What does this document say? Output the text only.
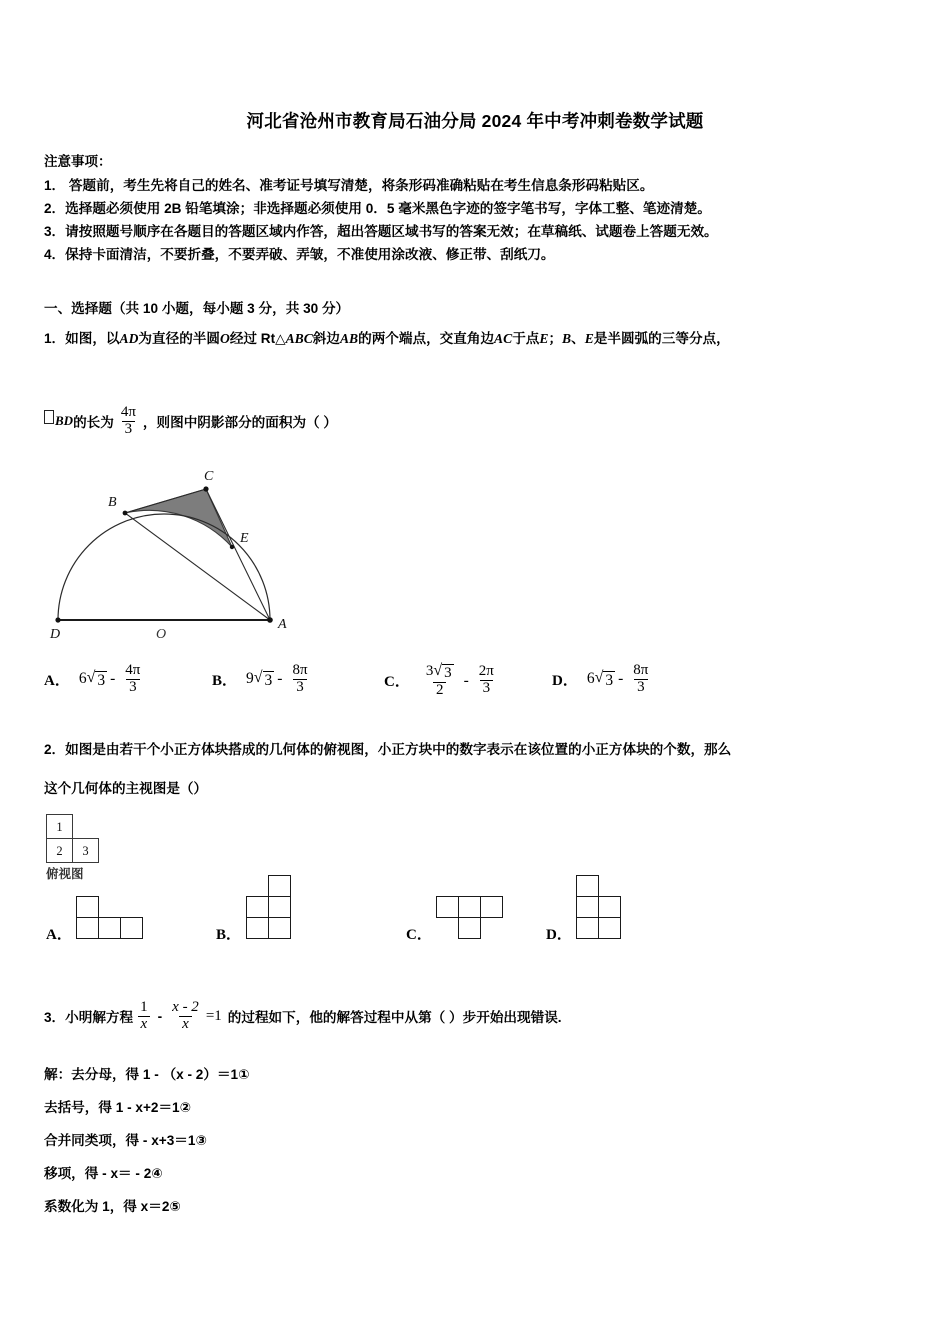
河北省沧州市教育局石油分局 2024 年中考冲刺卷数学试题
注意事项：
1． 答题前，考生先将自己的姓名、准考证号填写清楚，将条形码准确粘贴在考生信息条形码粘贴区。
2．选择题必须使用 2B 铅笔填涂；非选择题必须使用 0．5 毫米黑色字迹的签字笔书写，字体工整、笔迹清楚。
3．请按照题号顺序在各题目的答题区域内作答，超出答题区域书写的答案无效；在草稿纸、试题卷上答题无效。
4．保持卡面清洁，不要折叠，不要弄破、弄皱，不准使用涂改液、修正带、刮纸刀。
一、选择题（共 10 小题，每小题 3 分，共 30 分）
1．如图，以AD为直径的半圆O经过 Rt△ABC斜边AB的两个端点，交直角边AC于点E；B、E是半圆弧的三等分点，
BD 的长为 $\frac{4\pi}{3}$ ，则图中阴影部分的面积为（ ）
D	O
A
B
C
E
A． 6 √ $3 - \frac{4\pi}{3}$	B． 9 √ $3 - \frac{8\pi}{3}$	C． $\frac{3 √ 3}{2} - \frac{2\pi}{3}$	D． 6 √ $3 - \frac{8\pi}{3}$
2．如图是由若干个小正方体块搭成的几何体的俯视图，小正方块中的数字表示在该位置的小正方体块的个数，那么
这个几何体的主视图是（）
1
2	3
俯视图
A．	B．	C．	D．
3．小明解方程 $\frac{1}{x} - \frac{x - 2}{x} =1$ 的过程如下，他的解答过程中从第（ ）步开始出现错误.
解：去分母，得 1 - （x - 2）＝1①
去括号，得 1 - x+2＝1②
合并同类项，得 - x+3＝1③
移项，得 - x＝ - 2④
系数化为 1，得 x＝2⑤
